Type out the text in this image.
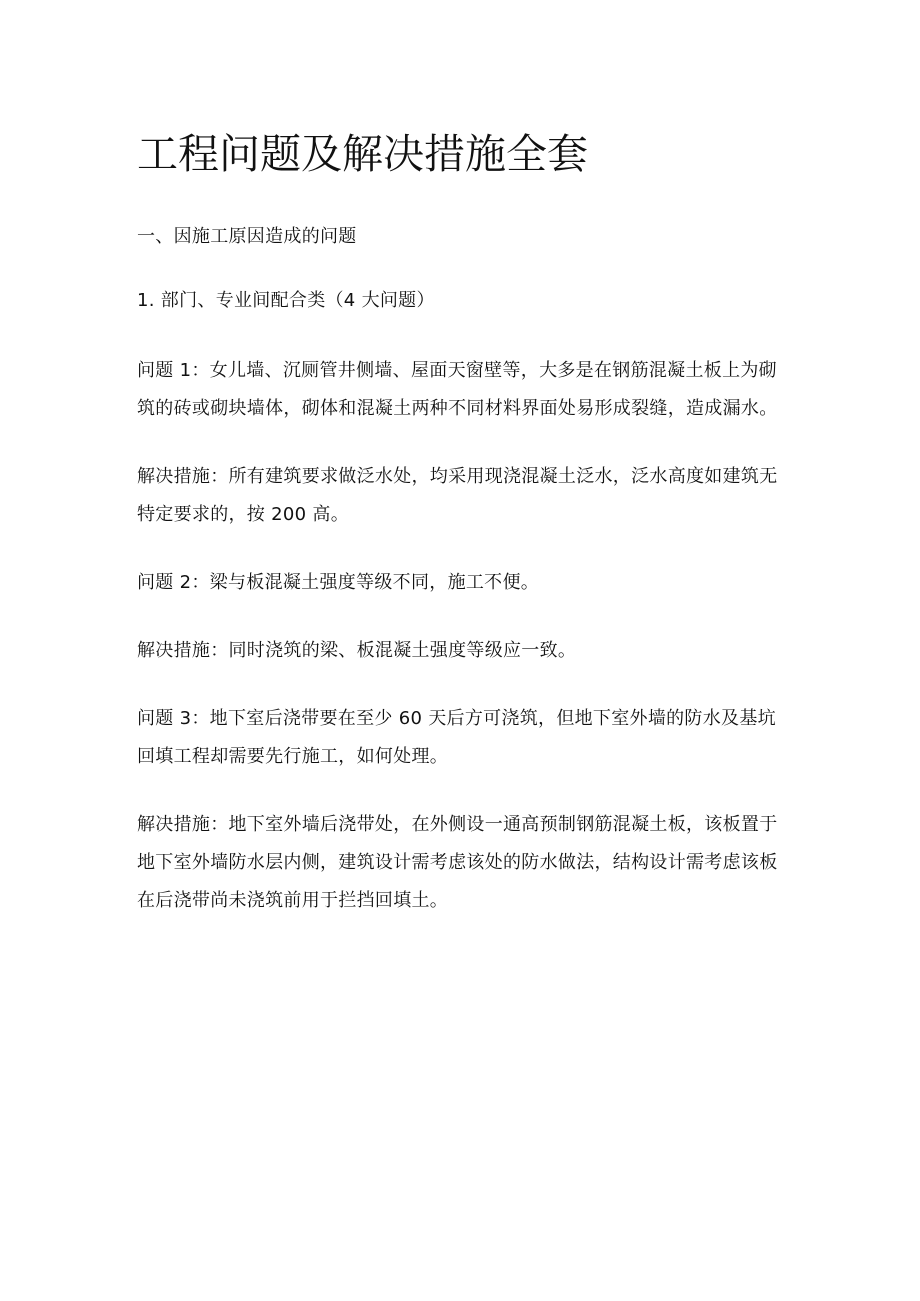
工程问题及解决措施全套

一、因施工原因造成的问题

1. 部门、专业间配合类（4 大问题）

问题 1：女儿墙、沉厕管井侧墙、屋面天窗壁等，大多是在钢筋混凝土板上为砌筑的砖或砌块墙体，砌体和混凝土两种不同材料界面处易形成裂缝，造成漏水。

解决措施：所有建筑要求做泛水处，均采用现浇混凝土泛水，泛水高度如建筑无特定要求的，按 200 高。

问题 2：梁与板混凝土强度等级不同，施工不便。

解决措施：同时浇筑的梁、板混凝土强度等级应一致。

问题 3：地下室后浇带要在至少 60 天后方可浇筑，但地下室外墙的防水及基坑回填工程却需要先行施工，如何处理。

解决措施：地下室外墙后浇带处，在外侧设一通高预制钢筋混凝土板，该板置于地下室外墙防水层内侧，建筑设计需考虑该处的防水做法，结构设计需考虑该板在后浇带尚未浇筑前用于拦挡回填土。
